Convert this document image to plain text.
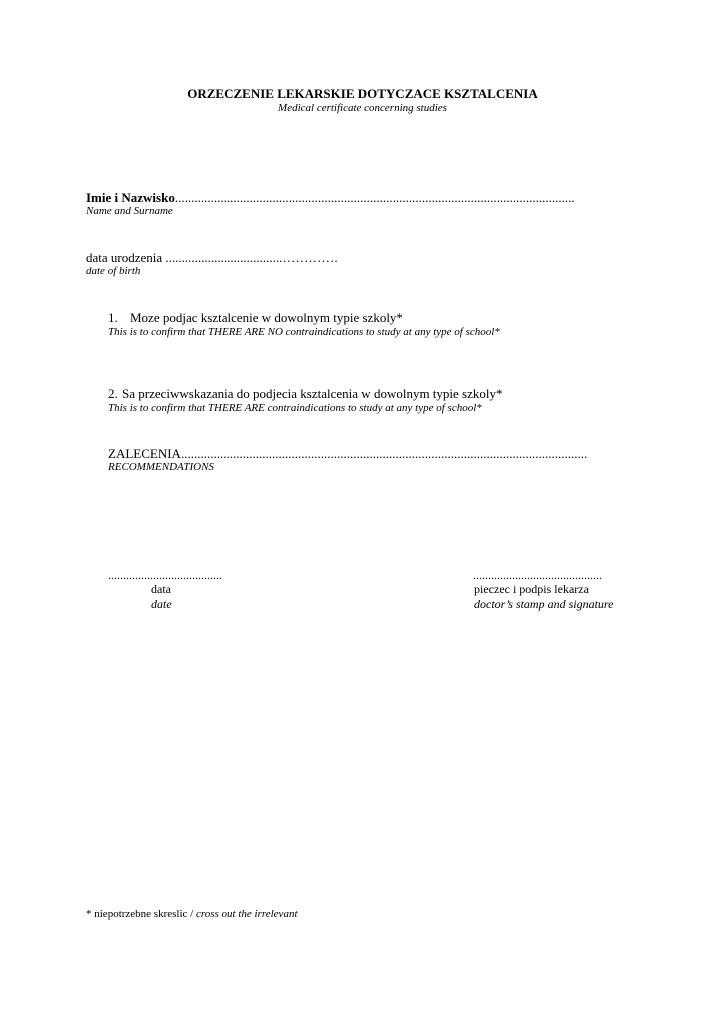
ORZECZENIE LEKARSKIE DOTYCZACE KSZTALCENIA
Medical certificate concerning studies
Imie i Nazwisko...........................................................................................................................
Name and Surname
data urodzenia ....................................………….
date of birth
1. Moze podjac ksztalcenie w dowolnym typie szkoly*
This is to confirm that THERE ARE NO contraindications to study at any type of school*
2. Sa przeciwwskazania do podjecia ksztalcenia w dowolnym typie szkoly*
This is to confirm that THERE ARE contraindications to study at any type of school*
ZALECENIA.............................................................................................................................
RECOMMENDATIONS
......................................
data
date
...........................................
pieczec i podpis lekarza
doctor’s stamp and signature
* niepotrzebne skreslic / cross out the irrelevant
